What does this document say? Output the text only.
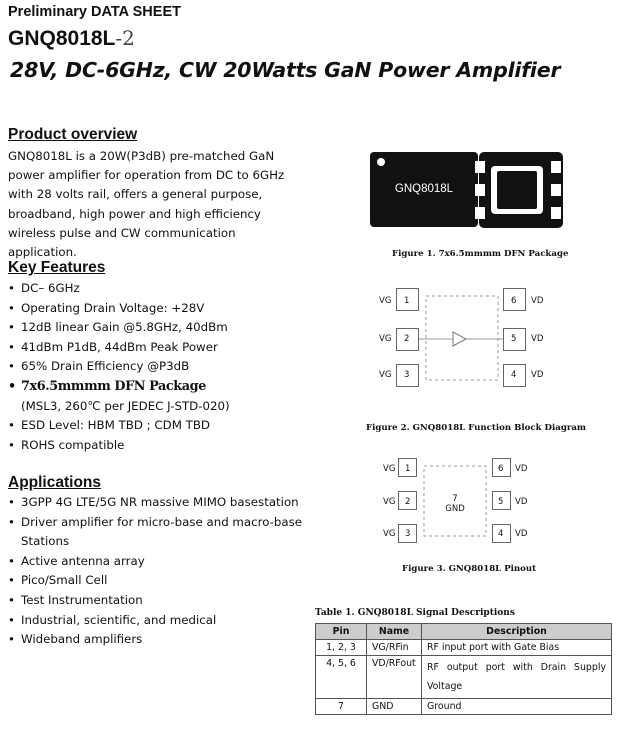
Preliminary DATA SHEET
GNQ8018L-2
28V, DC-6GHz, CW 20Watts GaN Power Amplifier
Product overview
GNQ8018L is a 20W(P3dB) pre-matched GaN power amplifier for operation from DC to 6GHz with 28 volts rail, offers a general purpose, broadband, high power and high efficiency wireless pulse and CW communication application.
Key Features
• DC– 6GHz
• Operating Drain Voltage: +28V
• 12dB linear Gain @5.8GHz, 40dBm
• 41dBm P1dB, 44dBm Peak Power
• 65% Drain Efficiency @P3dB
• 7x6.5mmmm DFN Package
(MSL3, 260℃ per JEDEC J-STD-020)
• ESD Level: HBM TBD ; CDM TBD
• ROHS compatible
Applications
• 3GPP 4G LTE/5G NR massive MIMO basestation
• Driver amplifier for micro-base and macro-base
Stations
• Active antenna array
• Pico/Small Cell
• Test Instrumentation
• Industrial, scientific, and medical
• Wideband amplifiers
GNQ8018L
Figure 1. 7x6.5mmmm DFN Package
VG
VG
VG
1
2
3
6
5
4
VD
VD
VD
Figure 2. GNQ8018L Function Block Diagram
VG
VG
VG
1
2
3
6
5
4
VD
VD
VD
7
GND
Figure 3. GNQ8018L Pinout
Table 1. GNQ8018L Signal Descriptions
Pin	Name	Description
1, 2, 3	VG/RFin	RF input port with Gate Bias
4, 5, 6	VD/RFout	RF output port with Drain Supply Voltage
7	GND	Ground
